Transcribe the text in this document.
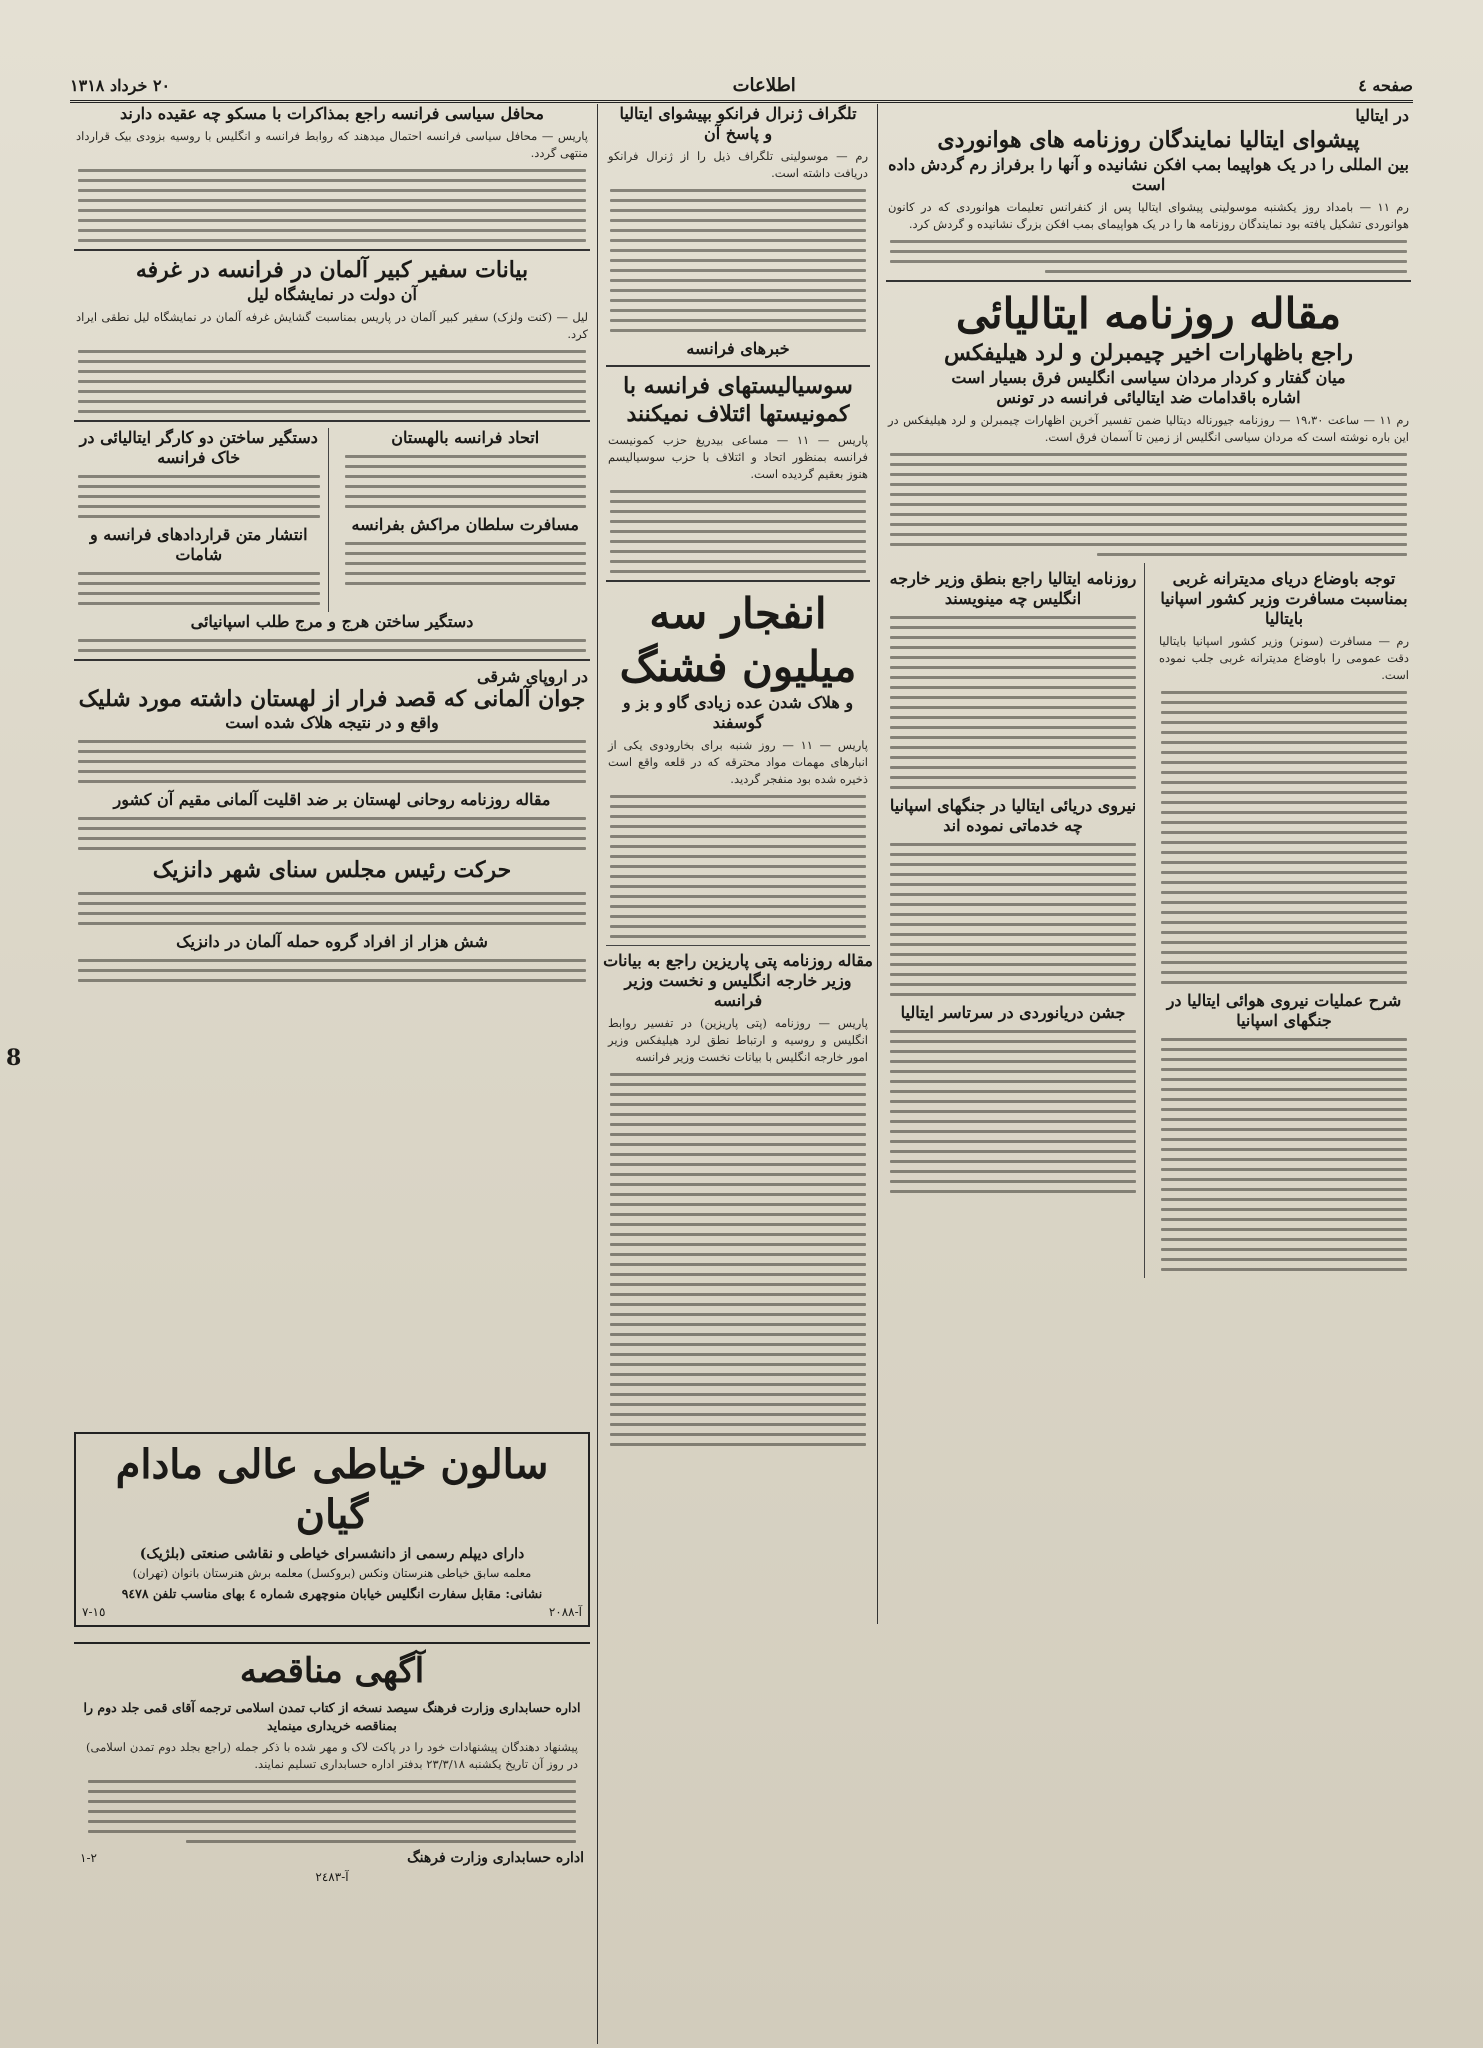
صفحه ٤
اطلاعات
٢٠ خرداد ١٣١٨
در ایتالیا
پیشوای ایتالیا نمایندگان روزنامه های هوانوردی
بین المللی را در یک هواپیما بمب افکن نشانیده و آنها را برفراز رم گردش داده است

رم ١١ — بامداد روز یکشنبه موسولینی پیشوای ایتالیا پس از کنفرانس تعلیمات هوانوردی که در کانون هوانوردی تشکیل یافته بود نمایندگان روزنامه ها را در یک هواپیمای بمب افکن بزرگ نشانیده و گردش کرد.

مقاله روزنامه ایتالیائی
راجع باظهارات اخیر چیمبرلن و لرد هیلیفکس
میان گفتار و کردار مردان سیاسی انگلیس فرق بسیار است
اشاره باقدامات ضد ایتالیائی فرانسه در تونس

رم ١١ — ساعت ١٩،٣٠ — روزنامه جیورناله دیتالیا ضمن تفسیر آخرین اظهارات چیمبرلن و لرد هیلیفکس در این باره نوشته است که مردان سیاسی انگلیس از زمین تا آسمان فرق است.

توجه باوضاع دریای مدیترانه غربی
بمناسبت مسافرت وزیر کشور اسپانیا بایتالیا

رم — مسافرت (سونر) وزیر کشور اسپانیا بایتالیا دقت عمومی را باوضاع مدیترانه غربی جلب نموده است.

شرح عملیات نیروی هوائی ایتالیا در جنگهای اسپانیا
روزنامه ایتالیا راجع بنطق وزیر خارجه انگلیس چه مینویسند
نیروی دریائی ایتالیا در جنگهای اسپانیا چه خدماتی نموده اند
جشن دریانوردی در سرتاسر ایتالیا
تلگراف ژنرال فرانکو بپیشوای ایتالیا
و پاسخ آن

رم — موسولینی تلگراف ذیل را از ژنرال فرانکو دریافت داشته است.

خبرهای فرانسه
سوسیالیستهای فرانسه با کمونیستها ائتلاف نمیکنند

پاریس — ١١ — مساعی بیدریغ حزب کمونیست فرانسه بمنظور اتحاد و ائتلاف با حزب سوسیالیسم هنوز بعقیم گردیده است.

انفجار سه میلیون فشنگ
و هلاک شدن عده زیادی گاو و بز و گوسفند

پاریس — ١١ — روز شنبه برای بخارودوی یکی از انبارهای مهمات مواد محترقه که در قلعه واقع است ذخیره شده بود منفجر گردید.

مقاله روزنامه پتی پاریزین راجع به بیانات وزیر خارجه انگلیس و نخست وزیر فرانسه

پاریس — روزنامه (پتی پاریزین) در تفسیر روابط انگلیس و روسیه و ارتباط نطق لرد هیلیفکس وزیر امور خارجه انگلیس با بیانات نخست وزیر فرانسه

محافل سیاسی فرانسه راجع بمذاکرات با مسکو چه عقیده دارند

پاریس — محافل سیاسی فرانسه احتمال میدهند که روابط فرانسه و انگلیس با روسیه بزودی بیک قرارداد منتهی گردد.

بیانات سفیر کبیر آلمان در فرانسه در غرفه
آن دولت در نمایشگاه لیل

لیل — (کنت ولزک) سفیر کبیر آلمان در پاریس بمناسبت گشایش غرفه آلمان در نمایشگاه لیل نطقی ایراد کرد.

اتحاد فرانسه بالهستان
مسافرت سلطان مراکش بفرانسه
دستگیر ساختن دو کارگر ایتالیائی در خاک فرانسه
انتشار متن قراردادهای فرانسه و شامات
دستگیر ساختن هرج و مرج طلب اسپانیائی
در اروپای شرقی
جوان آلمانی که قصد فرار از لهستان داشته مورد شلیک
واقع و در نتیجه هلاک شده است
مقاله روزنامه روحانی لهستان بر ضد اقلیت آلمانی مقیم آن کشور
حرکت رئیس مجلس سنای شهر دانزیک
شش هزار از افراد گروه حمله آلمان در دانزیک
سالون خیاطی عالی مادام گیان
دارای دیپلم رسمی از دانشسرای خیاطی و نقاشی صنعتی (بلژیک)
معلمه سابق خیاطی هنرستان ونکس (بروکسل) معلمه برش هنرستان بانوان (تهران)
نشانی: مقابل سفارت انگلیس خیابان منوچهری شماره ٤ بهای مناسب تلفن ٩٤٧٨
آ-٢٠٨٨
١٥-٧
آگهی مناقصه
اداره حسابداری وزارت فرهنگ سیصد نسخه از کتاب تمدن اسلامی ترجمه آقای قمی جلد دوم را بمناقصه خریداری مینماید

پیشنهاد دهندگان پیشنهادات خود را در پاکت لاک و مهر شده با ذکر جمله (راجع بجلد دوم تمدن اسلامی) در روز آن تاریخ یکشنبه ٢٣/٣/١٨ بدفتر اداره حسابداری تسلیم نمایند.

اداره حسابداری وزارت فرهنگ
٢-١
آ-٢٤٨٣
8
